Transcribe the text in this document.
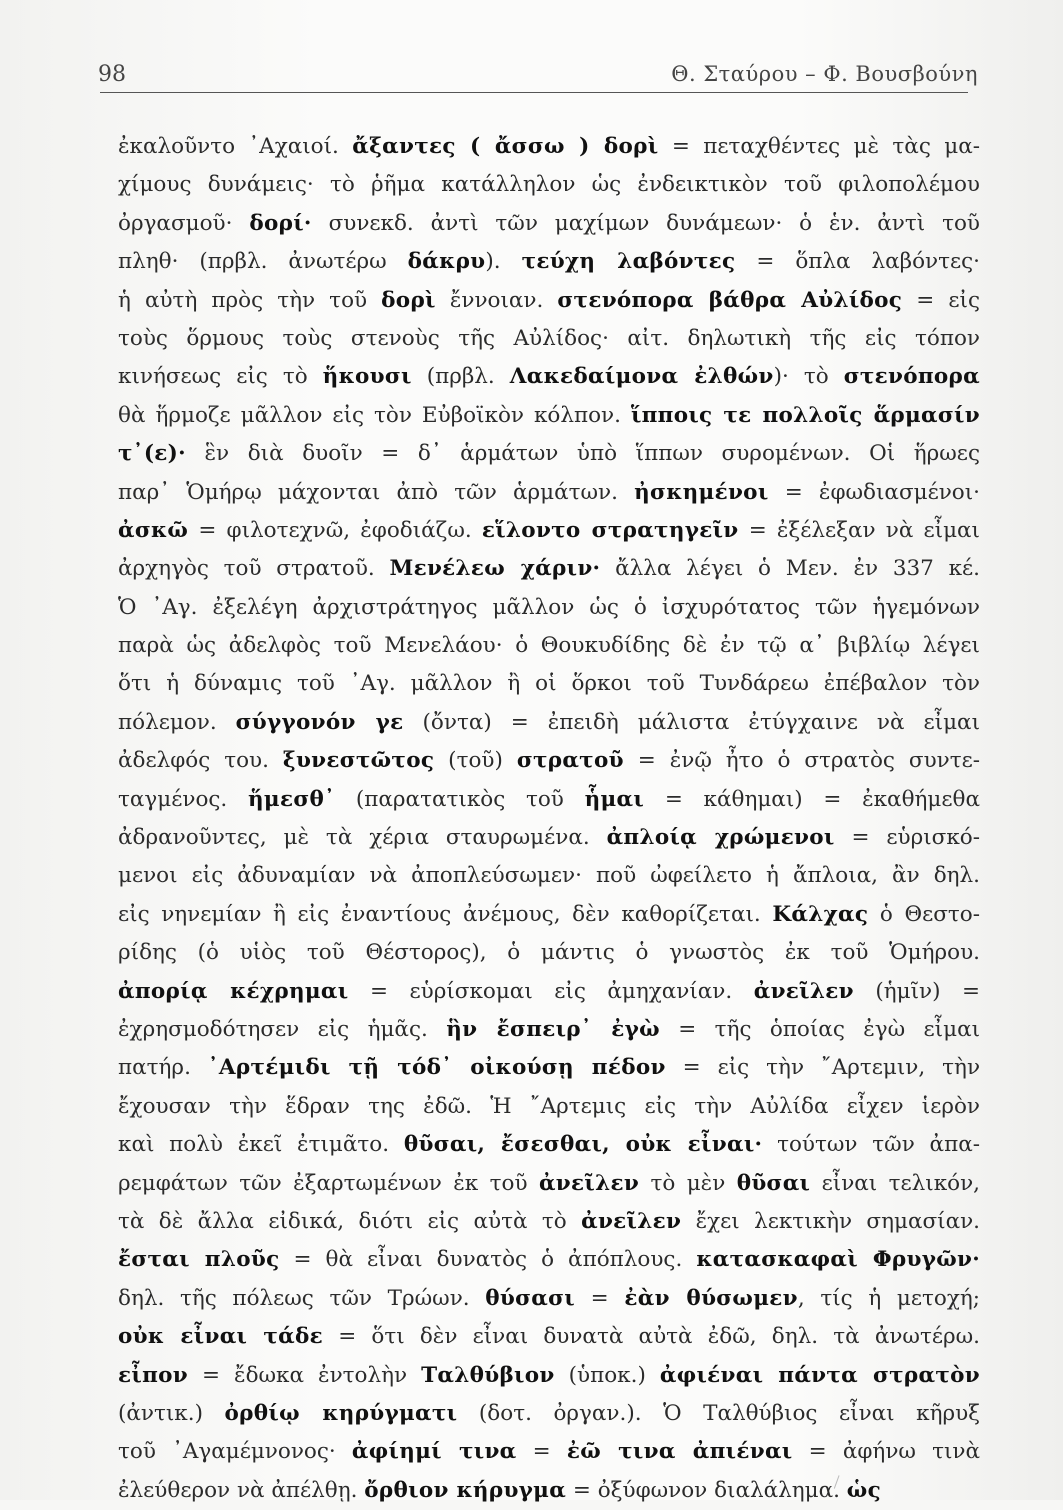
98	Θ. Σταύρου – Φ. Βουσβούνη
ἐκαλοῦντο ᾿Αχαιοί. ἄξαντες ( ἄσσω ) δορὶ = πεταχθέντες μὲ τὰς μα-
χίμους δυνάμεις· τὸ ῥῆμα κατάλληλον ὡς ἐνδεικτικὸν τοῦ φιλοπολέμου
ὀργασμοῦ· δορί· συνεκδ. ἀντὶ τῶν μαχίμων δυνάμεων· ὁ ἑν. ἀντὶ τοῦ
πληθ· (πρβλ. ἀνωτέρω δάκρυ). τεύχη λαβόντες = ὅπλα λαβόντες·
ἡ αὐτὴ πρὸς τὴν τοῦ δορὶ ἔννοιαν. στενόπορα βάθρα Αὐλίδος = εἰς
τοὺς ὅρμους τοὺς στενοὺς τῆς Αὐλίδος· αἰτ. δηλωτικὴ τῆς εἰς τόπον
κινήσεως εἰς τὸ ἥκουσι (πρβλ. Λακεδαίμονα ἐλθών)· τὸ στενόπορα
θὰ ἥρμοζε μᾶλλον εἰς τὸν Εὐβοϊκὸν κόλπον. ἵπποις τε πολλοῖς ἅρμασίν
τ᾿(ε)· ἓν διὰ δυοῖν = δ᾿ ἁρμάτων ὑπὸ ἵππων συρομένων. Οἱ ἥρωες
παρ᾿ Ὁμήρῳ μάχονται ἀπὸ τῶν ἁρμάτων. ἠσκημένοι = ἐφωδιασμένοι·
ἀσκῶ = φιλοτεχνῶ, ἐφοδιάζω. εἵλοντο στρατηγεῖν = ἐξέλεξαν νὰ εἶμαι
ἀρχηγὸς τοῦ στρατοῦ. Μενέλεω χάριν· ἄλλα λέγει ὁ Μεν. ἐν 337 κέ.
Ὁ ᾿Αγ. ἐξελέγη ἀρχιστράτηγος μᾶλλον ὡς ὁ ἰσχυρότατος τῶν ἡγεμόνων
παρὰ ὡς ἀδελφὸς τοῦ Μενελάου· ὁ Θουκυδίδης δὲ ἐν τῷ α᾿ βιβλίῳ λέγει
ὅτι ἡ δύναμις τοῦ ᾿Αγ. μᾶλλον ἢ οἱ ὅρκοι τοῦ Τυνδάρεω ἐπέβαλον τὸν
πόλεμον. σύγγονόν γε (ὄντα) = ἐπειδὴ μάλιστα ἐτύγχαινε νὰ εἶμαι
ἀδελφός του. ξυνεστῶτος (τοῦ) στρατοῦ = ἐνῷ ἦτο ὁ στρατὸς συντε-
ταγμένος. ἥμεσθ᾿ (παρατατικὸς τοῦ ἧμαι = κάθημαι) = ἐκαθήμεθα
ἀδρανοῦντες, μὲ τὰ χέρια σταυρωμένα. ἀπλοίᾳ χρώμενοι = εὑρισκό-
μενοι εἰς ἀδυναμίαν νὰ ἀποπλεύσωμεν· ποῦ ὠφείλετο ἡ ἄπλοια, ἂν δηλ.
εἰς νηνεμίαν ἢ εἰς ἐναντίους ἀνέμους, δὲν καθορίζεται. Κάλχας ὁ Θεστο-
ρίδης (ὁ υἱὸς τοῦ Θέστορος), ὁ μάντις ὁ γνωστὸς ἐκ τοῦ Ὁμήρου.
ἀπορίᾳ κέχρημαι = εὑρίσκομαι εἰς ἀμηχανίαν. ἀνεῖλεν (ἡμῖν) =
ἐχρησμοδότησεν εἰς ἡμᾶς. ἣν ἔσπειρ᾿ ἐγὼ = τῆς ὁποίας ἐγὼ εἶμαι
πατήρ. ᾿Αρτέμιδι τῇ τόδ᾿ οἰκούσῃ πέδον = εἰς τὴν ῎Αρτεμιν, τὴν
ἔχουσαν τὴν ἕδραν της ἐδῶ. Ἡ ῎Αρτεμις εἰς τὴν Αὐλίδα εἶχεν ἱερὸν
καὶ πολὺ ἐκεῖ ἐτιμᾶτο. θῦσαι, ἔσεσθαι, οὐκ εἶναι· τούτων τῶν ἀπα-
ρεμφάτων τῶν ἐξαρτωμένων ἐκ τοῦ ἀνεῖλεν τὸ μὲν θῦσαι εἶναι τελικόν,
τὰ δὲ ἄλλα εἰδικά, διότι εἰς αὐτὰ τὸ ἀνεῖλεν ἔχει λεκτικὴν σημασίαν.
ἔσται πλοῦς = θὰ εἶναι δυνατὸς ὁ ἀπόπλους. κατασκαφαὶ Φρυγῶν·
δηλ. τῆς πόλεως τῶν Τρώων. θύσασι = ἐὰν θύσωμεν, τίς ἡ μετοχή;
οὐκ εἶναι τάδε = ὅτι δὲν εἶναι δυνατὰ αὐτὰ ἐδῶ, δηλ. τὰ ἀνωτέρω.
εἶπον = ἔδωκα ἐντολὴν Ταλθύβιον (ὑποκ.) ἀφιέναι πάντα στρατὸν
(ἀντικ.) ὀρθίῳ κηρύγματι (δοτ. ὀργαν.). Ὁ Ταλθύβιος εἶναι κῆρυξ
τοῦ ᾿Αγαμέμνονος· ἀφίημί τινα = ἐῶ τινα ἀπιέναι = ἀφήνω τινὰ
ἐλεύθερον νὰ ἀπέλθῃ. ὄρθιον κήρυγμα = ὀξύφωνον διαλάλημα. ὡς
